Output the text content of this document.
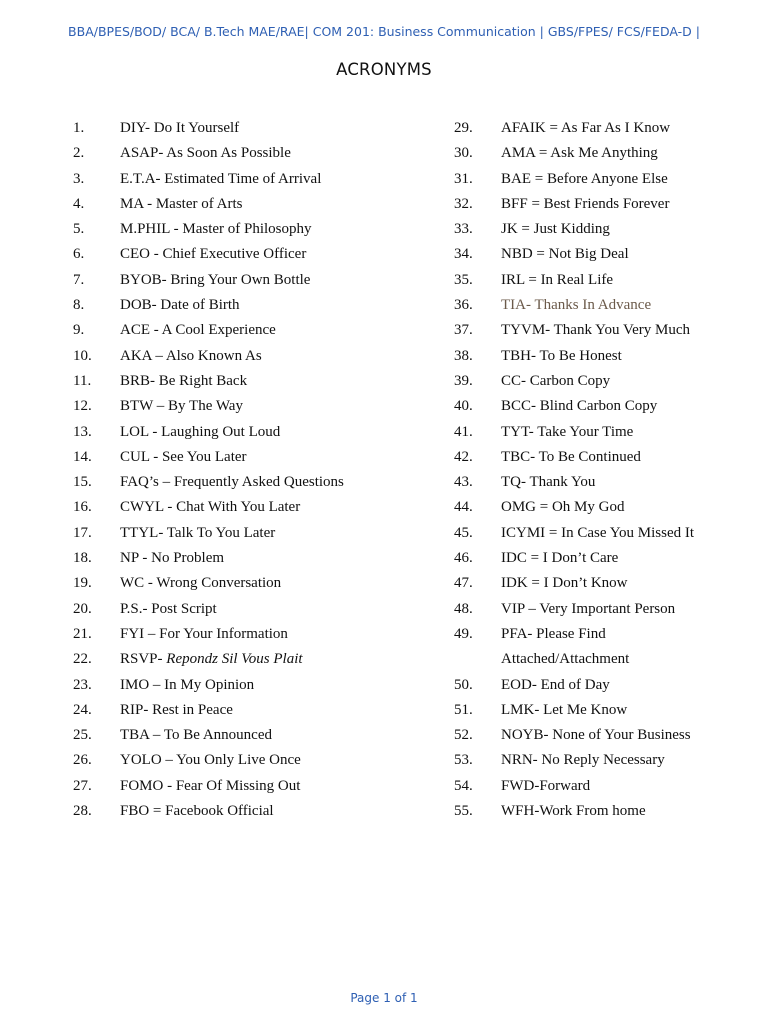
BBA/BPES/BOD/ BCA/ B.Tech MAE/RAE| COM 201: Business Communication | GBS/FPES/ FCS/FEDA-D |
ACRONYMS
1.	DIY- Do It Yourself
2.	ASAP- As Soon As Possible
3.	E.T.A- Estimated Time of Arrival
4.	MA - Master of Arts
5.	M.PHIL - Master of Philosophy
6.	CEO - Chief Executive Officer
7.	BYOB- Bring Your Own Bottle
8.	DOB- Date of Birth
9.	ACE - A Cool Experience
10.	AKA – Also Known As
11.	BRB- Be Right Back
12.	BTW – By The Way
13.	LOL - Laughing Out Loud
14.	CUL - See You Later
15.	FAQ’s – Frequently Asked Questions
16.	CWYL - Chat With You Later
17.	TTYL- Talk To You Later
18.	NP - No Problem
19.	WC - Wrong Conversation
20.	P.S.- Post Script
21.	FYI – For Your Information
22.	RSVP- Repondz Sil Vous Plait
23.	IMO – In My Opinion
24.	RIP- Rest in Peace
25.	TBA – To Be Announced
26.	YOLO – You Only Live Once
27.	FOMO - Fear Of Missing Out
28.	FBO = Facebook Official
29.	AFAIK = As Far As I Know
30.	AMA = Ask Me Anything
31.	BAE = Before Anyone Else
32.	BFF = Best Friends Forever
33.	JK = Just Kidding
34.	NBD = Not Big Deal
35.	IRL = In Real Life
36.	TIA- Thanks In Advance
37.	TYVM- Thank You Very Much
38.	TBH- To Be Honest
39.	CC- Carbon Copy
40.	BCC- Blind Carbon Copy
41.	TYT- Take Your Time
42.	TBC- To Be Continued
43.	TQ- Thank You
44.	OMG = Oh My God
45.	ICYMI = In Case You Missed It
46.	IDC = I Don’t Care
47.	IDK = I Don’t Know
48.	VIP – Very Important Person
49.	PFA- Please Find
Attached/Attachment
50.	EOD- End of Day
51.	LMK- Let Me Know
52.	NOYB- None of Your Business
53.	NRN- No Reply Necessary
54.	FWD-Forward
55.	WFH-Work From home
Page 1 of 1
